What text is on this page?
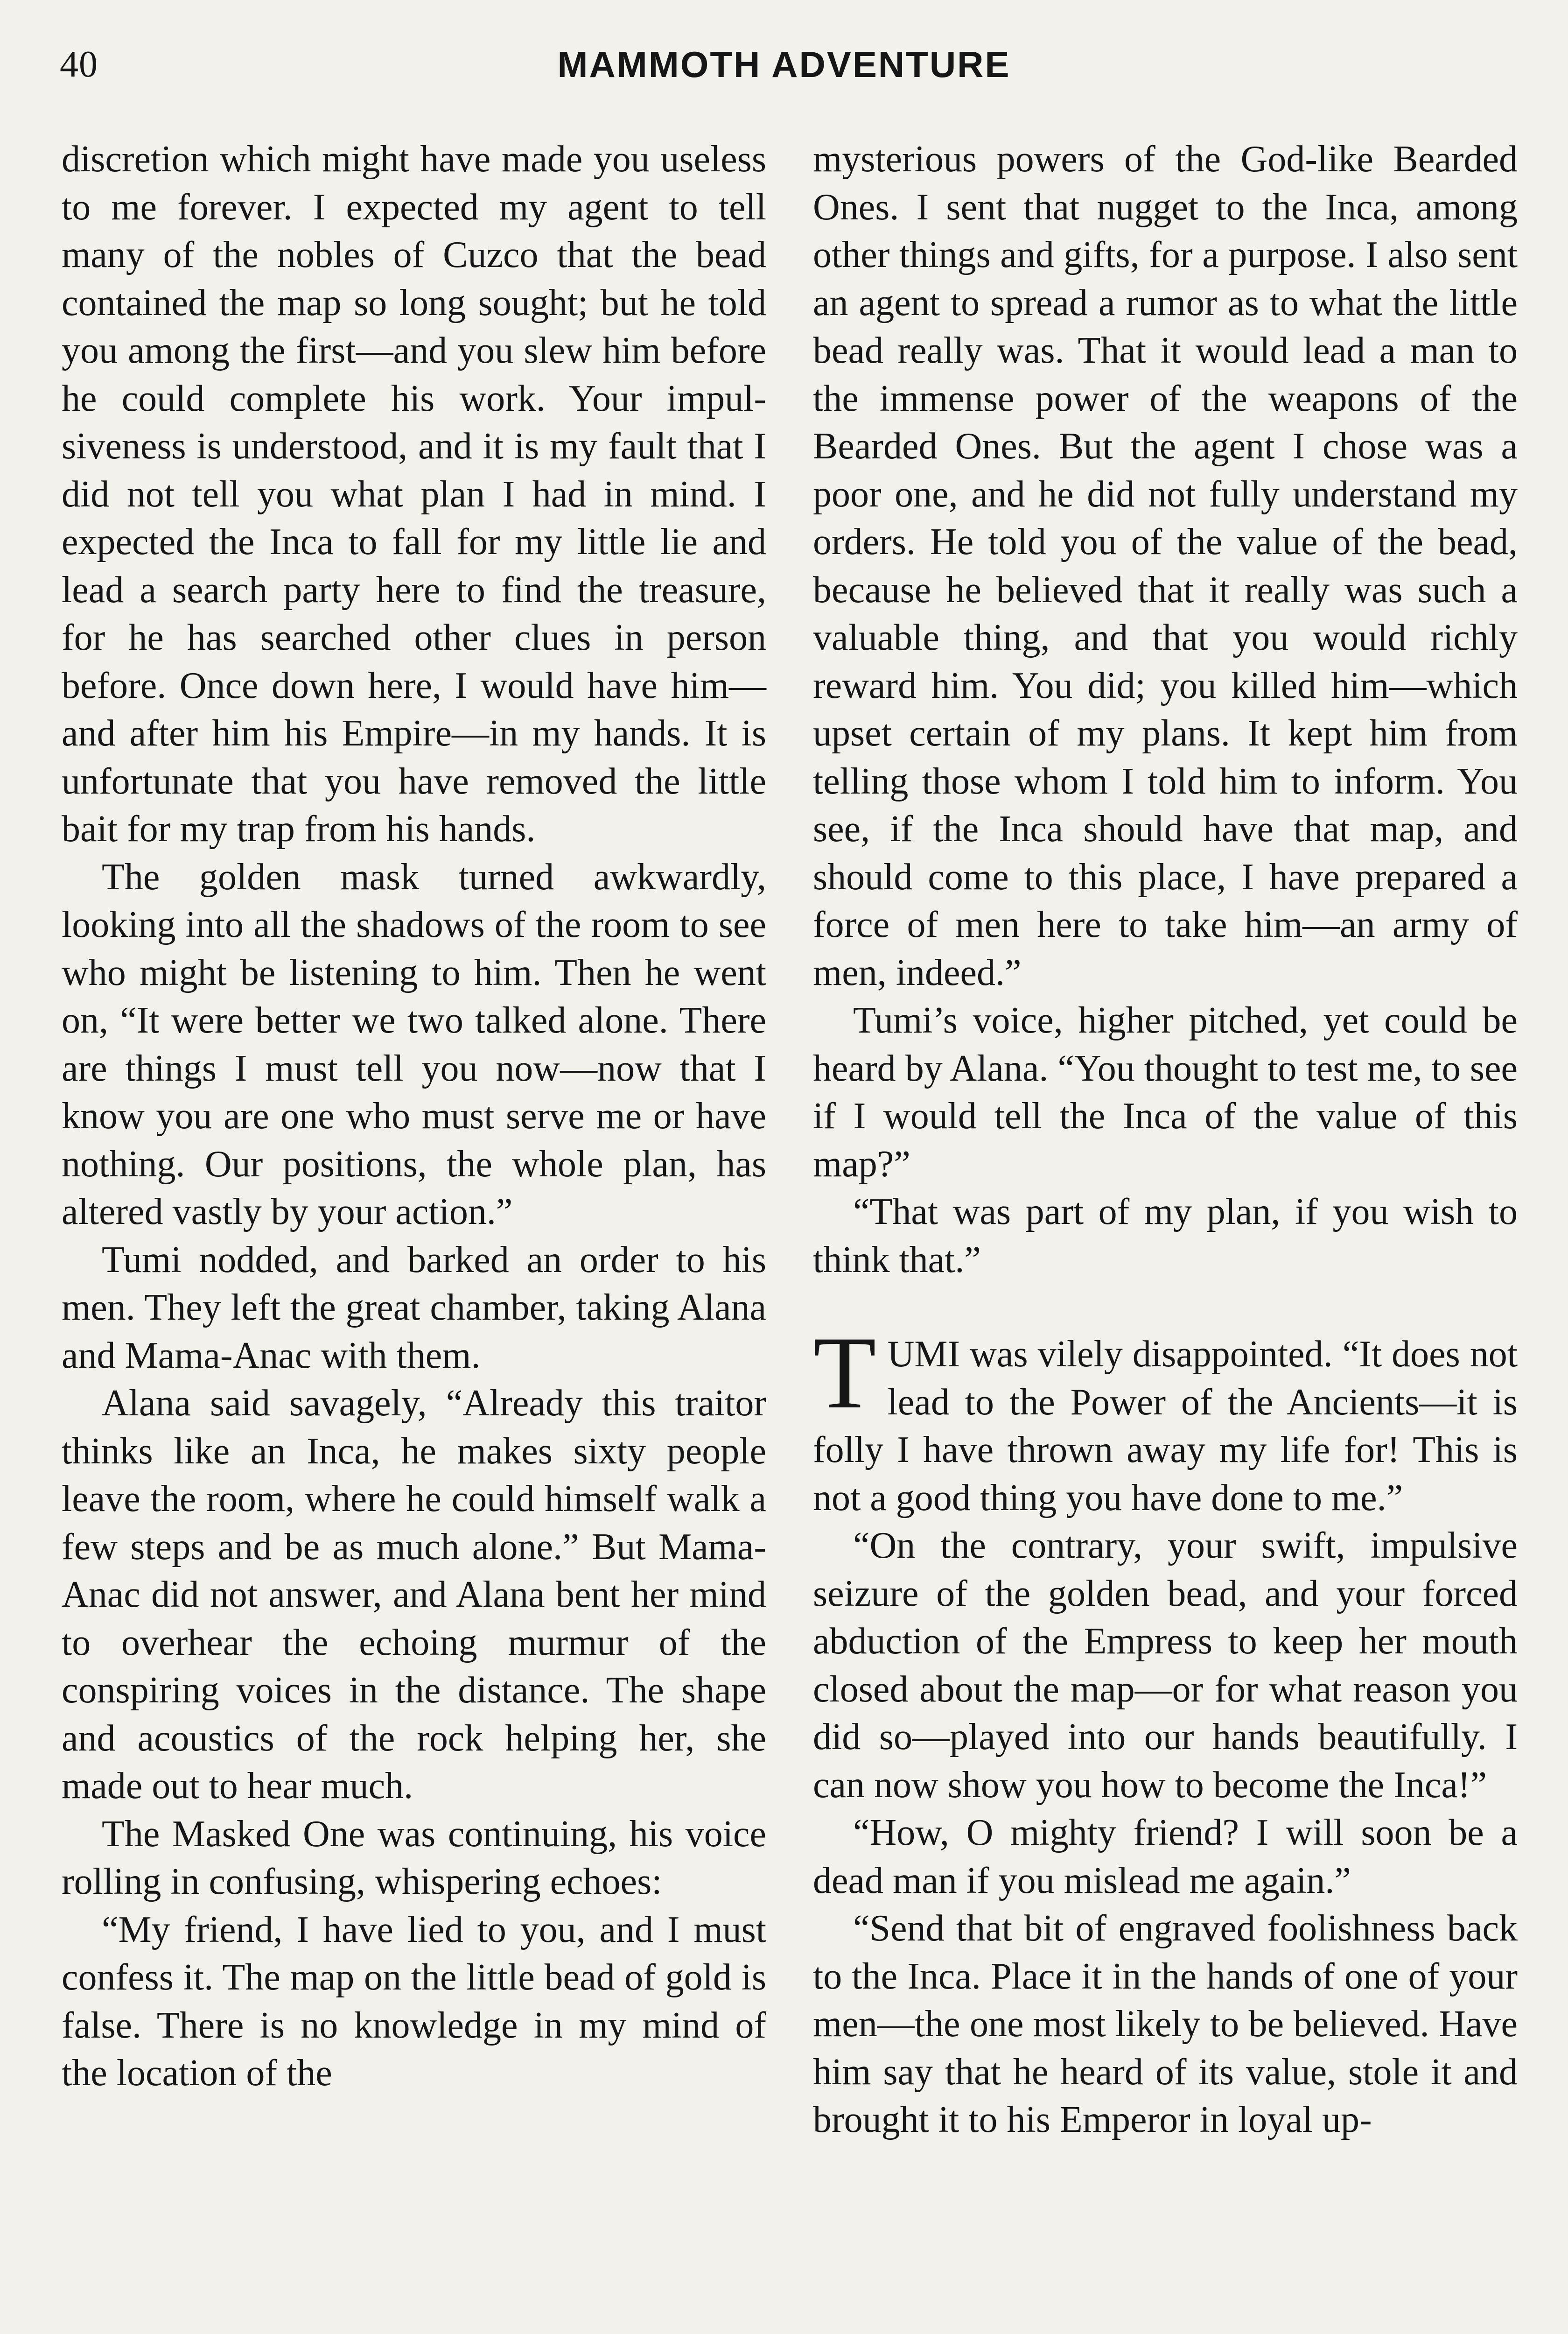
40	MAMMOTH ADVENTURE

discretion which might have made you useless to me forever. I expected my agent to tell many of the nobles of Cuzco that the bead contained the map so long sought; but he told you among the first—and you slew him before he could complete his work. Your impulsiveness is understood, and it is my fault that I did not tell you what plan I had in mind. I expected the Inca to fall for my little lie and lead a search party here to find the treasure, for he has searched other clues in person before. Once down here, I would have him—and after him his Empire—in my hands. It is unfortunate that you have removed the little bait for my trap from his hands.

The golden mask turned awkwardly, looking into all the shadows of the room to see who might be listening to him. Then he went on, “It were better we two talked alone. There are things I must tell you now—now that I know you are one who must serve me or have nothing. Our positions, the whole plan, has altered vastly by your action.”

Tumi nodded, and barked an order to his men. They left the great chamber, taking Alana and Mama-Anac with them.

Alana said savagely, “Already this traitor thinks like an Inca, he makes sixty people leave the room, where he could himself walk a few steps and be as much alone.” But Mama-Anac did not answer, and Alana bent her mind to overhear the echoing murmur of the conspiring voices in the distance. The shape and acoustics of the rock helping her, she made out to hear much.

The Masked One was continuing, his voice rolling in confusing, whispering echoes:

“My friend, I have lied to you, and I must confess it. The map on the little bead of gold is false. There is no knowledge in my mind of the location of the

mysterious powers of the God-like Bearded Ones. I sent that nugget to the Inca, among other things and gifts, for a purpose. I also sent an agent to spread a rumor as to what the little bead really was. That it would lead a man to the immense power of the weapons of the Bearded Ones. But the agent I chose was a poor one, and he did not fully understand my orders. He told you of the value of the bead, because he believed that it really was such a valuable thing, and that you would richly reward him. You did; you killed him—which upset certain of my plans. It kept him from telling those whom I told him to inform. You see, if the Inca should have that map, and should come to this place, I have prepared a force of men here to take him—an army of men, indeed.”

Tumi’s voice, higher pitched, yet could be heard by Alana. “You thought to test me, to see if I would tell the Inca of the value of this map?”

“That was part of my plan, if you wish to think that.”

TUMI was vilely disappointed. “It does not lead to the Power of the Ancients—it is folly I have thrown away my life for! This is not a good thing you have done to me.”

“On the contrary, your swift, impulsive seizure of the golden bead, and your forced abduction of the Empress to keep her mouth closed about the map—or for what reason you did so—played into our hands beautifully. I can now show you how to become the Inca!”

“How, O mighty friend? I will soon be a dead man if you mislead me again.”

“Send that bit of engraved foolishness back to the Inca. Place it in the hands of one of your men—the one most likely to be believed. Have him say that he heard of its value, stole it and brought it to his Emperor in loyal up-
